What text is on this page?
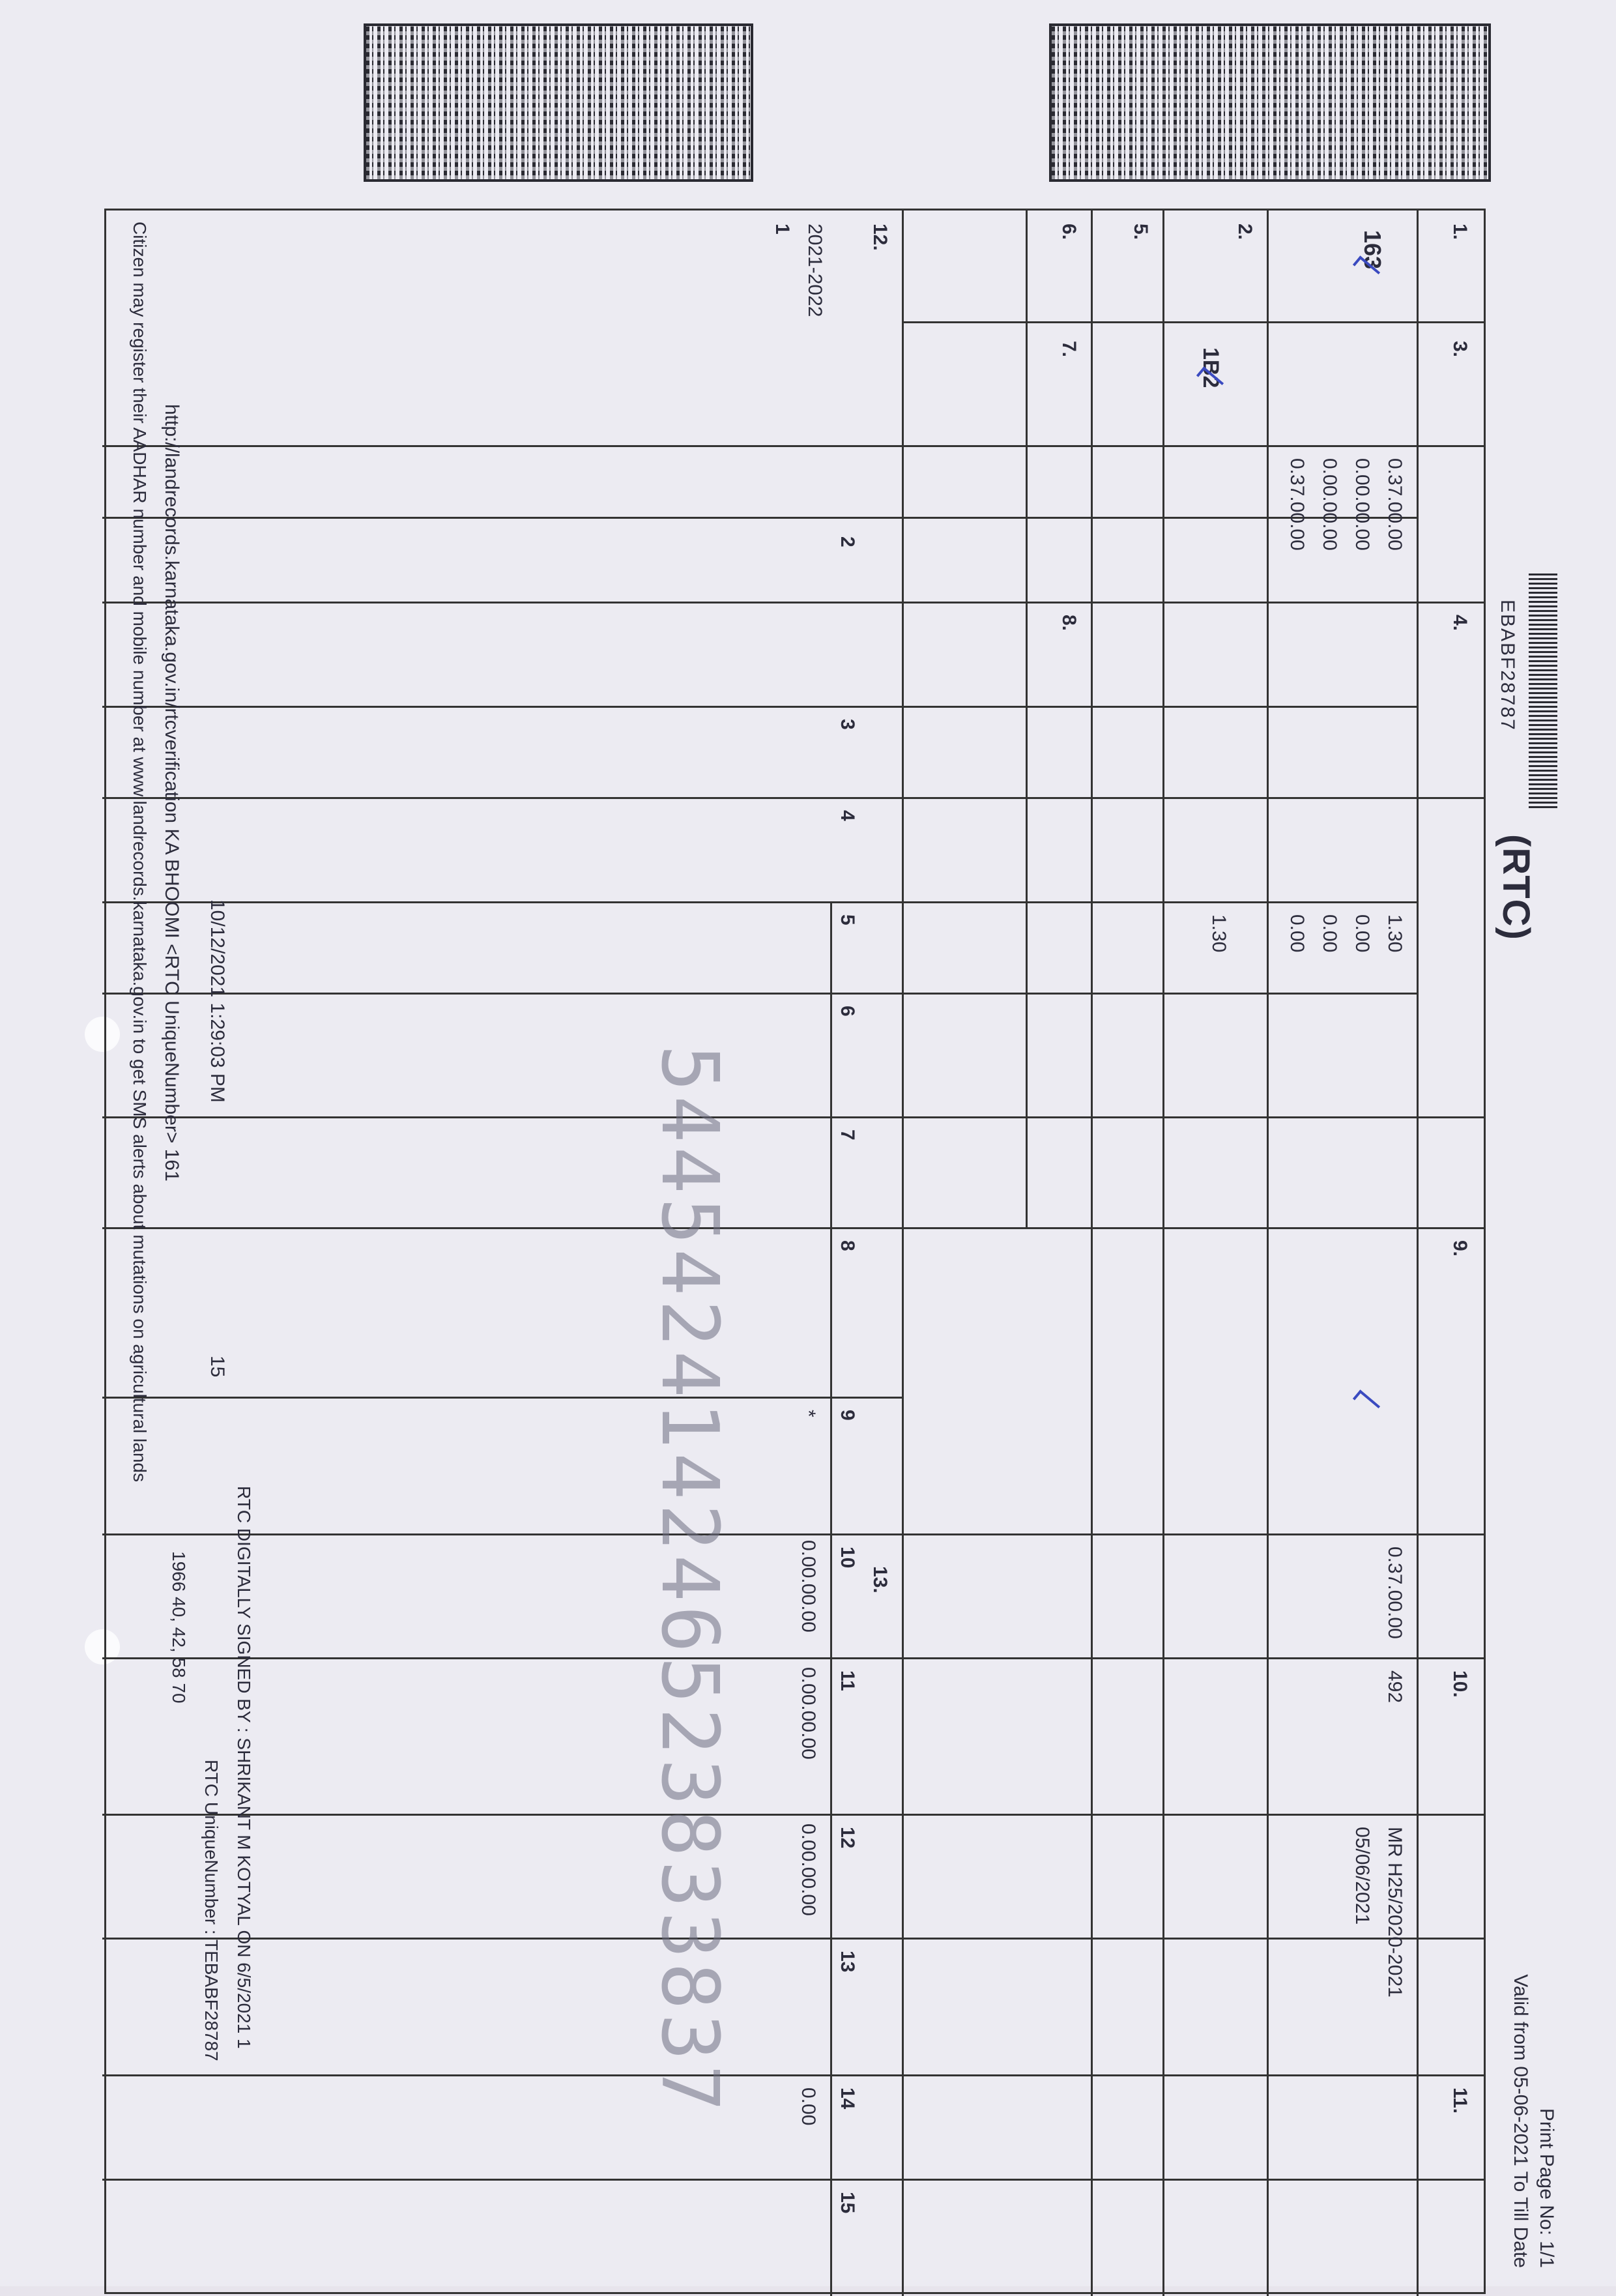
EBABF28787
(RTC)
Print Page No: 1/1
Valid from 05-06-2021 To Till Date
1.
3.
4.
2.
5.
6.
7.
8.
9.
10.
11.
12.
13.
163
1B2
0.37.00.00
0.00.00.00
0.00.00.00
0.37.00.00
1.30
0.00
0.00
0.00
1.30
0.37.00.00
492
MR H25/2020-2021
05/06/2021
2021-2022
1
2
3
4
5
6
7
8
9
10
11
12
13
14
15
*
0.00.00.00
0.00.00.00
0.00.00.00
0.00
544542414246523833837
10/12/2021 1:29:03 PM
15
http://landrecords.karnataka.gov.in/rtcverification KA BHOOMI <RTC UniqueNumber> 161
Citizen may register their AADHAR number and mobile number at www.landrecords.karnataka.gov.in to get SMS alerts about mutations on agricultural lands
RTC DIGITALLY SIGNED BY : SHRIKANT M KOTYAL ON 6/5/2021 1
RTC UniqueNumber : TEBABF28787
1966 40, 42, 58 70
